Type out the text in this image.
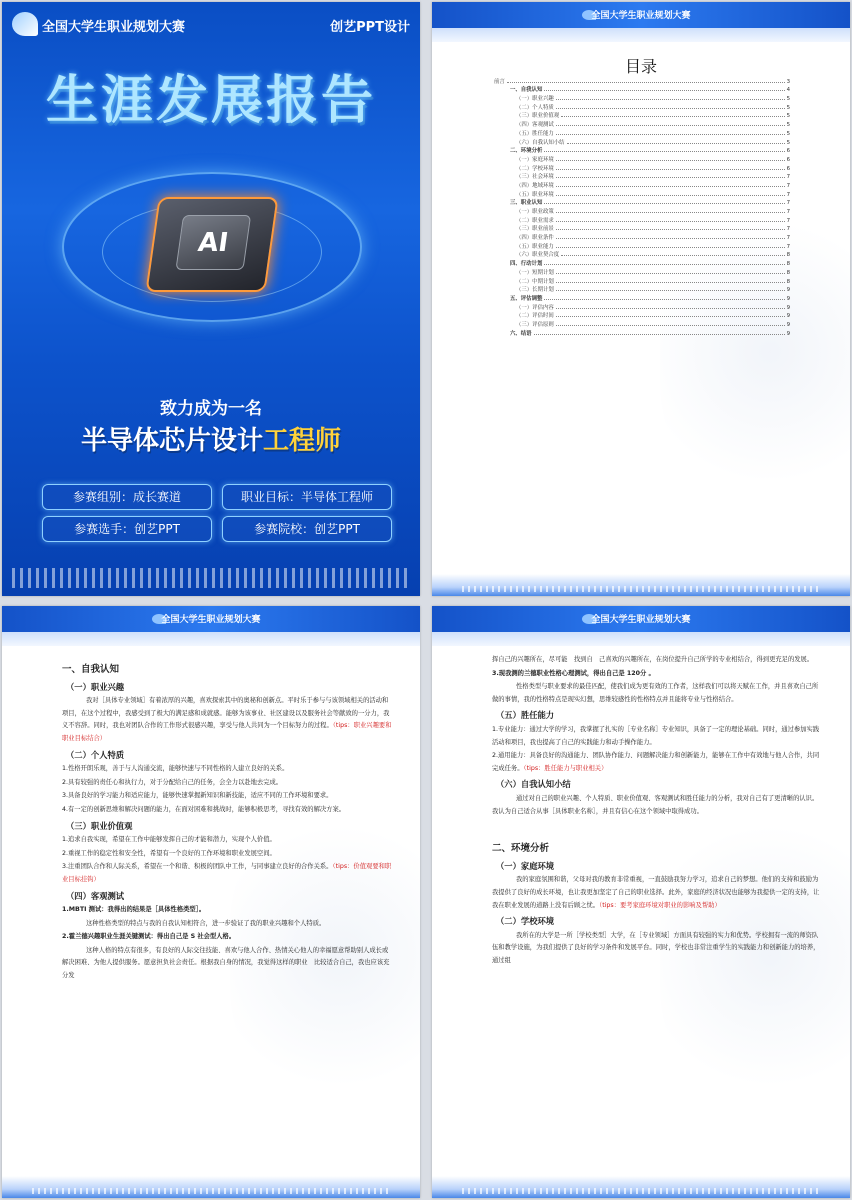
全国大学生职业规划大赛	创艺PPT设计
生涯发展报告
AI
致力成为一名
半导体芯片设计工程师
参赛组别：成长赛道	职业目标：半导体工程师
参赛选手：创艺PPT	参赛院校：创艺PPT
全国大学生职业规划大赛
目录
前言	3
一、自我认知	4
（一）职业兴趣	5
（二）个人特质	5
（三）职业价值观	5
（四）客观测试	5
（五）胜任能力	5
（六）自我认知小结	5
二、环境分析	6
（一）家庭环境	6
（二）学校环境	6
（三）社会环境	7
（四）地域环境	7
（五）职业环境	7
三、职业认知	7
（一）职业政策	7
（二）职业需求	7
（三）职业前景	7
（四）职业条件	7
（五）职业能力	7
（六）职业契合度	8
四、行动计划	8
（一）短期计划	8
（二）中期计划	8
（三）长期计划	9
五、评估调整	9
（一）评估内容	9
（二）评估时间	9
（三）评估原则	9
六、结语	9
全国大学生职业规划大赛
一、自我认知
（一）职业兴趣

我对［具体专业领域］有着浓厚的兴趣，喜欢探索其中的奥秘和创新点。平时乐于参与与该领域相关的活动和项目，在这个过程中，我感受到了极大的满足感和成就感。能够为该事业、社区建设以及服务社会等献致的一分力，我义不容辞。同时，我也对团队合作的工作形式很感兴趣，享受与他人共同为一个目标努力的过程。（tips：职业兴趣要和职业目标结合）

（二）个人特质

1.性格开朗乐观，善于与人沟通交流，能够快速与不同性格的人建立良好的关系。

2.具有较强的责任心和执行力，对于分配给自己的任务，会全力以赴地去完成。

3.具备良好的学习能力和适应能力，能够快速掌握新知识和新技能，适应不同的工作环境和要求。

4.有一定的创新思维和解决问题的能力，在面对困难和挑战时，能够积极思考，寻找有效的解决方案。

（三）职业价值观

1.追求自我实现，希望在工作中能够发挥自己的才能和潜力，实现个人价值。

2.重视工作的稳定性和安全性，希望有一个良好的工作环境和职业发展空间。

3.注重团队合作和人际关系，希望在一个和谐、积极的团队中工作，与同事建立良好的合作关系。（tips：价值观要和职业目标挂钩）

（四）客观测试

1.MBTI 测试：我得出的结果是［具体性格类型］。

这种性格类型的特点与我的自我认知相符合，进一步验证了我的职业兴趣和个人特质。

2.霍兰德兴趣职业生涯关键测试：得出自己是 S 社会型人格。

这种人格的特点有很多，有良好的人际交往技能、喜欢与他人合作、热情关心他人的幸福愿意帮助别人成长或解决困难、为他人提供服务。愿意担负社会责任。根据我自身的情况，我觉得这样的职业　比较适合自己，我也应该充分发

全国大学生职业规划大赛

挥自己的兴趣所在，尽可能　找到自　己喜欢的兴趣所在，在岗位提升自己所学的专业相结合，得到更充足的发展。

3.现我测的兰德职业性格心理测试，得出自己是 120分 。

性格类型与职业要求的最佳匹配，使我们成为更有效的工作者，这样我们可以将天赋在工作，并且喜欢自己所做的事情，我的性格特点是现实幻想，思维较感性的性格特点并且能将专业与性格结合。

（五）胜任能力

1.专业能力：通过大学的学习，我掌握了扎实的［专业名称］专业知识，具备了一定的理论基础。同时，通过参加实践活动和项目，我也提高了自己的实践能力和动手操作能力。

2.通用能力：具备良好的沟通能力、团队协作能力、问题解决能力和创新能力，能够在工作中有效地与他人合作，共同完成任务。（tips：胜任能力与职业相关）

（六）自我认知小结

通过对自己的职业兴趣、个人特质、职业价值观、客观测试和胜任能力的分析，我对自己有了更清晰的认识。我认为自己适合从事［具体职业名称］，并且有信心在这个领域中取得成功。

二、环境分析
（一）家庭环境

我的家庭氛围和谐，父母对我的教育非常重视，一直鼓励我努力学习，追求自己的梦想。他们的支持和鼓励为我提供了良好的成长环境，也让我更加坚定了自己的职业选择。此外，家庭的经济状况也能够为我提供一定的支持，让我在职业发展的道路上没有后顾之忧。（tips：要考家庭环境对职业的影响及帮助）

（二）学校环境

我所在的大学是一所［学校类型］大学，在［专业领域］方面具有较强的实力和优势。学校拥有一流的师资队伍和教学设施，为我们提供了良好的学习条件和发展平台。同时，学校也非常注重学生的实践能力和创新能力的培养，通过组
